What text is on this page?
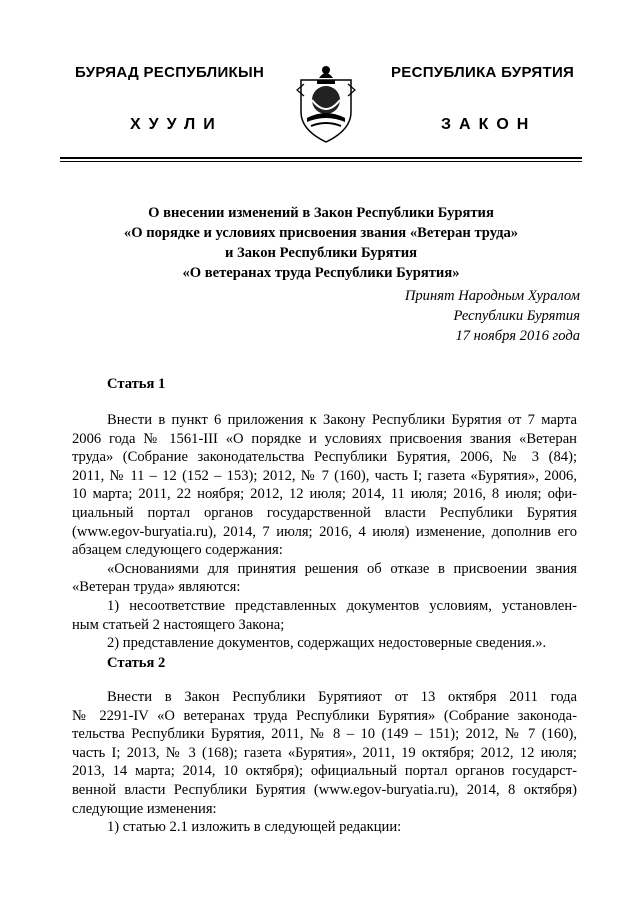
БУРЯАД РЕСПУБЛИКЫН	РЕСПУБЛИКА БУРЯТИЯ
ХУУЛИ	ЗАКОН
О внесении изменений в Закон Республики Бурятия
«О порядке и условиях присвоения звания «Ветеран труда»
и Закон Республики Бурятия
«О ветеранах труда Республики Бурятия»
Принят Народным Хуралом
Республики Бурятия
17 ноября 2016 года
Статья 1
Внести в пункт 6 приложения к Закону Республики Бурятия от 7 марта
2006 года № 1561-III «О порядке и условиях присвоения звания «Ветеран
труда» (Собрание законодательства Республики Бурятия, 2006, № 3 (84);
2011, № 11 – 12 (152 – 153); 2012, № 7 (160), часть I; газета «Бурятия», 2006,
10 марта; 2011, 22 ноября; 2012, 12 июля; 2014, 11 июля; 2016, 8 июля; офи-
циальный портал органов государственной власти Республики Бурятия
(www.egov-buryatia.ru), 2014, 7 июля; 2016, 4 июля) изменение, дополнив его
абзацем следующего содержания:
«Основаниями для принятия решения об отказе в присвоении звания
«Ветеран труда» являются:
1) несоответствие представленных документов условиям, установлен-
ным статьей 2 настоящего Закона;
2) представление документов, содержащих недостоверные сведения.».
Статья 2
Внести в Закон Республики Бурятияот от 13 октября 2011 года
№ 2291-IV «О ветеранах труда Республики Бурятия» (Собрание законода-
тельства Республики Бурятия, 2011, № 8 – 10 (149 – 151); 2012, № 7 (160),
часть I; 2013, № 3 (168); газета «Бурятия», 2011, 19 октября; 2012, 12 июля;
2013, 14 марта; 2014, 10 октября); официальный портал органов государст-
венной власти Республики Бурятия (www.egov-buryatia.ru), 2014, 8 октября)
следующие изменения:
1) статью 2.1 изложить в следующей редакции:
